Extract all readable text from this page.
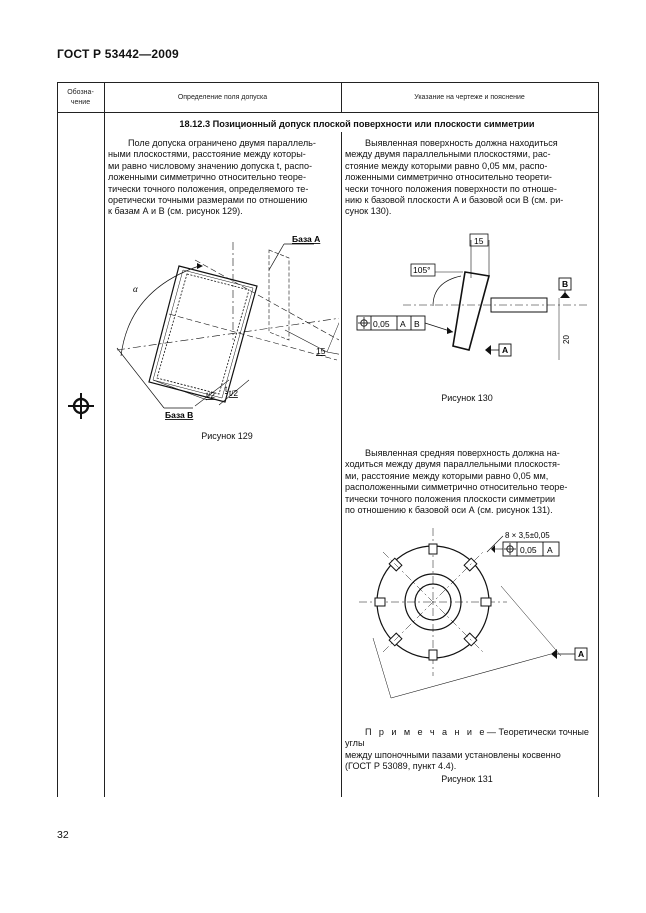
ГОСТ Р 53442—2009
Обозна-
чение
Определение поля допуска	Указание на чертеже и пояснение
18.12.3 Позиционный допуск плоской поверхности или плоскости симметрии
Поле допуска ограничено двумя параллель-
ными плоскостями, расстояние между которы-
ми равно числовому значению допуска t, распо-
ложенными симметрично относительно теоре-
тически точного положения, определяемого те-
оретически точными размерами по отношению
к базам А и В (см. рисунок 129).
База А
α
15
t
t/2 t/2
База В
Рисунок 129
Выявленная поверхность должна находиться
между двумя параллельными плоскостями, рас-
стояние между которыми равно 0,05 мм, распо-
ложенными симметрично относительно теорети-
чески точного положения поверхности по отноше-
нию к базовой плоскости А и базовой оси В (см. ри-
сунок 130).
15
105°
0,05 A B
B
A
20
Рисунок 130
Выявленная средняя поверхность должна на-
ходиться между двумя параллельными плоскостя-
ми, расстояние между которыми равно 0,05 мм,
расположенными симметрично относительно теоре-
тически точного положения плоскости симметрии
по отношению к базовой оси А (см. рисунок 131).
8 × 3,5±0,05
0,05 A
A
П р и м е ч а н и е— Теоретически точные углы
между шпоночными пазами установлены косвенно
(ГОСТ Р 53089, пункт 4.4).
Рисунок 131
32
